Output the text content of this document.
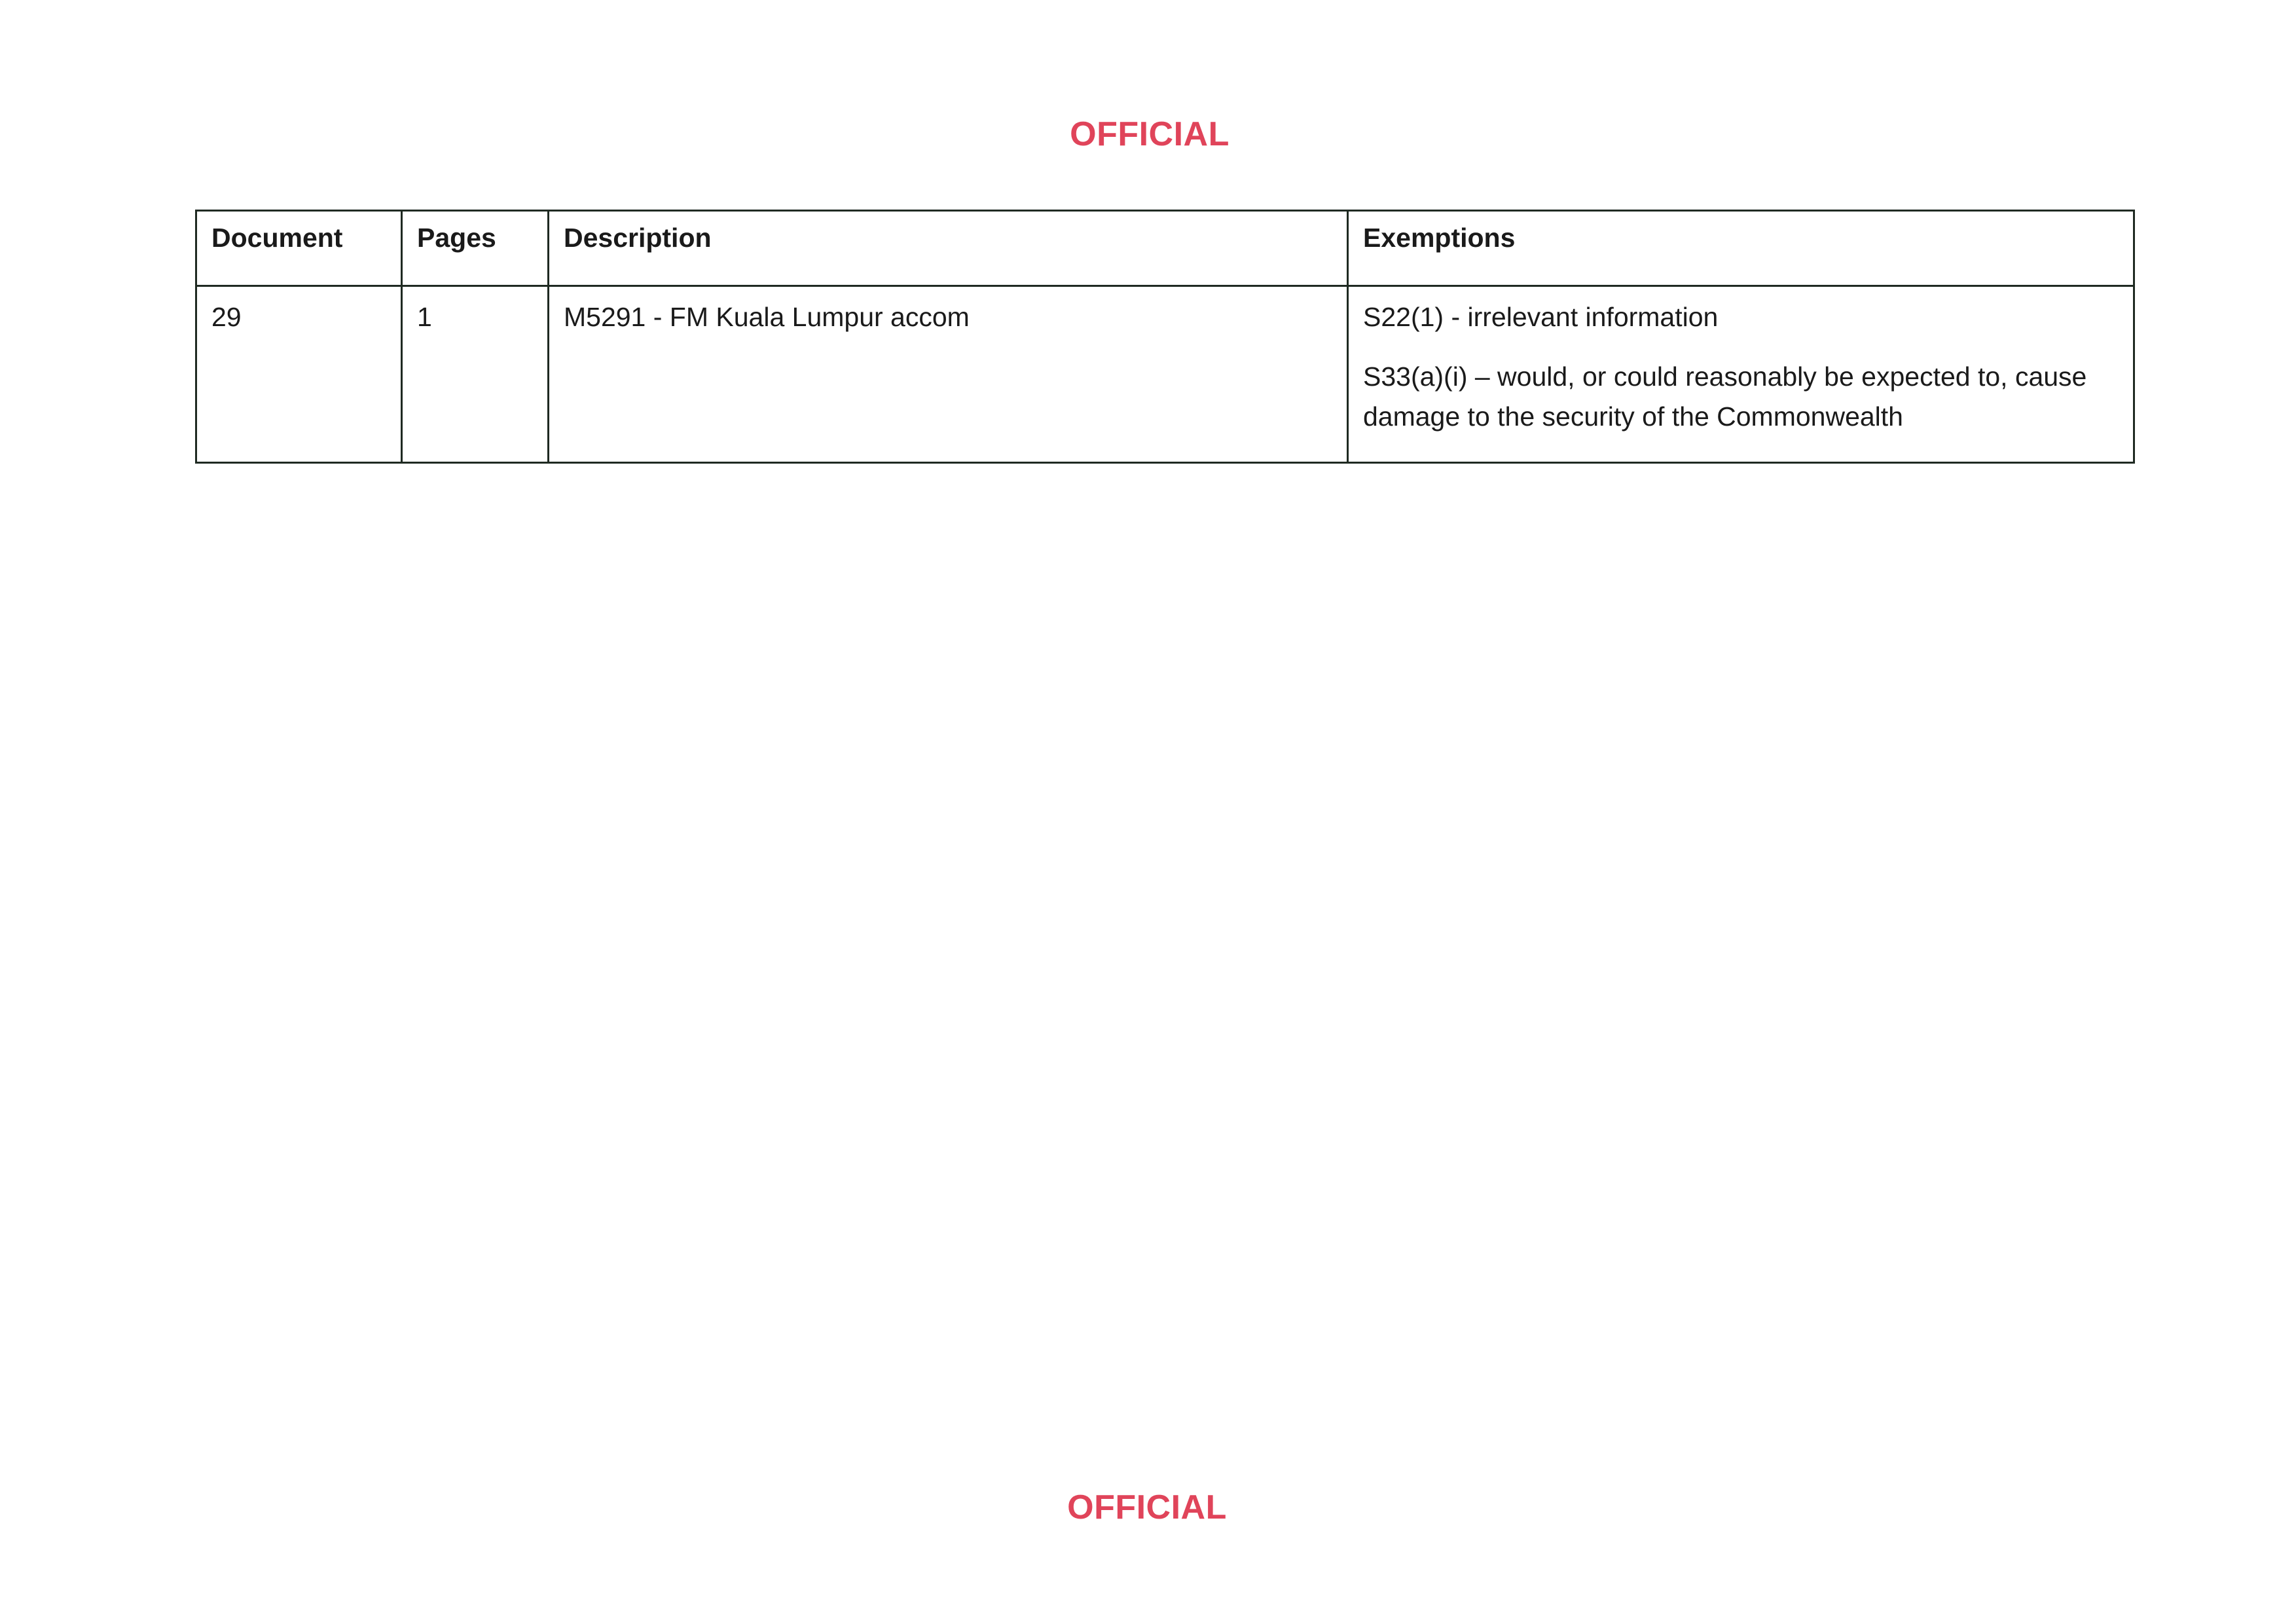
OFFICIAL
Document	Pages	Description	Exemptions
29	1	M5291 - FM Kuala Lumpur accom	S22(1) - irrelevant information

S33(a)(i) – would, or could reasonably be expected to, cause damage to the security of the Commonwealth

OFFICIAL
